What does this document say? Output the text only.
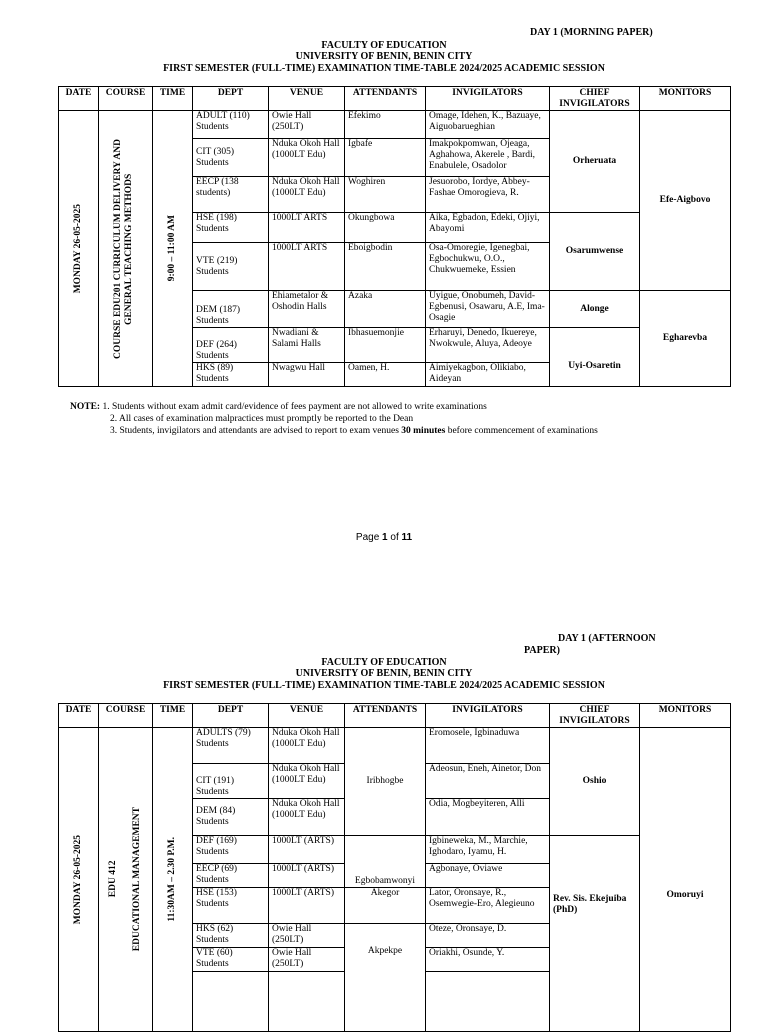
DAY 1 (MORNING PAPER)
FACULTY OF EDUCATION
UNIVERSITY OF BENIN, BENIN CITY
FIRST SEMESTER (FULL-TIME) EXAMINATION TIME-TABLE 2024/2025 ACADEMIC SESSION
DATE	COURSE	TIME	DEPT	VENUE	ATTENDANTS	INVIGILATORS	CHIEF INVIGILATORS	MONITORS

MONDAY 26-05-2025	COURSE EDU201 CURRICULUM DELIVERY AND GENERAL TEACHING METHODS	9:00 – 11:00 AM	ADULT (110) Students	Owie Hall (250LT)	Efekimo	Omage, Idehen, K., Bazuaye, Aiguobarueghian	Orheruata	Efe-Aigbovo
			CIT (305) Students	Nduka Okoh Hall (1000LT Edu)	Igbafe	Imakpokpomwan, Ojeaga, Aghahowa, Akerele , Bardi, Enabulele, Osadolor		
			EECP (138 students)	Nduka Okoh Hall (1000LT Edu)	Woghiren	Jesuorobo, Iordye, Abbey-Fashae Omorogieva, R.		
			HSE (198) Students	1000LT ARTS	Okungbowa	Aika, Egbadon, Edeki, Ojiyi, Abayomi	Osarumwense	
			VTE (219) Students	1000LT ARTS	Eboigbodin	Osa-Omoregie, Igenegbai, Egbochukwu, O.O., Chukwuemeke, Essien		
			DEM (187) Students	Ehiametalor & Oshodin Halls	Azaka	Uyigue, Onobumeh, David-Egbenusi, Osawaru, A.E, Ima-Osagie	Alonge	Egharevba
			DEF (264) Students	Nwadiani & Salami Halls	Ibhasuemonjie	Erharuyi, Denedo, Ikuereye, Nwokwule, Aluya, Adeoye	Uyi-Osaretin	
			HKS (89) Students	Nwagwu Hall	Oamen, H.	Aimiyekagbon, Olikiabo, Aideyan		
NOTE: 1. Students without exam admit card/evidence of fees payment are not allowed to write examinations
2. All cases of examination malpractices must promptly be reported to the Dean
3. Students, invigilators and attendants are advised to report to exam venues 30 minutes before commencement of examinations
Page 1 of 11
DAY 1 (AFTERNOON
PAPER)
FACULTY OF EDUCATION
UNIVERSITY OF BENIN, BENIN CITY
FIRST SEMESTER (FULL-TIME) EXAMINATION TIME-TABLE 2024/2025 ACADEMIC SESSION
DATE	COURSE	TIME	DEPT	VENUE	ATTENDANTS	INVIGILATORS	CHIEF INVIGILATORS	MONITORS

MONDAY 26-05-2025	EDU 412 EDUCATIONAL MANAGEMENT	11:30AM – 2.30 P.M.	ADULTS (79) Students	Nduka Okoh Hall (1000LT Edu)	Iribhogbe	Eromosele, Igbinaduwa	Oshio	Omoruyi
			CIT (191) Students	Nduka Okoh Hall (1000LT Edu)		Adeosun, Eneh, Ainetor, Don		
			DEM (84) Students	Nduka Okoh Hall (1000LT Edu)		Odia, Mogbeyiteren, Alli		
			DEF (169) Students	1000LT (ARTS)	Egbobamwonyi	Igbineweka, M., Marchie, Ighodaro, Iyamu, H.	Rev. Sis. Ekejuiba (PhD)	
			EECP (69) Students	1000LT (ARTS)		Agbonaye, Oviawe		
			HSE (153) Students	1000LT (ARTS)	Akegor	Lator, Oronsaye, R., Osemwegie-Ero, Alegieuno		
			HKS (62) Students	Owie Hall (250LT)	Akpekpe	Oteze, Oronsaye, D.		
			VTE (60) Students	Owie Hall (250LT)		Oriakhi, Osunde, Y.		
